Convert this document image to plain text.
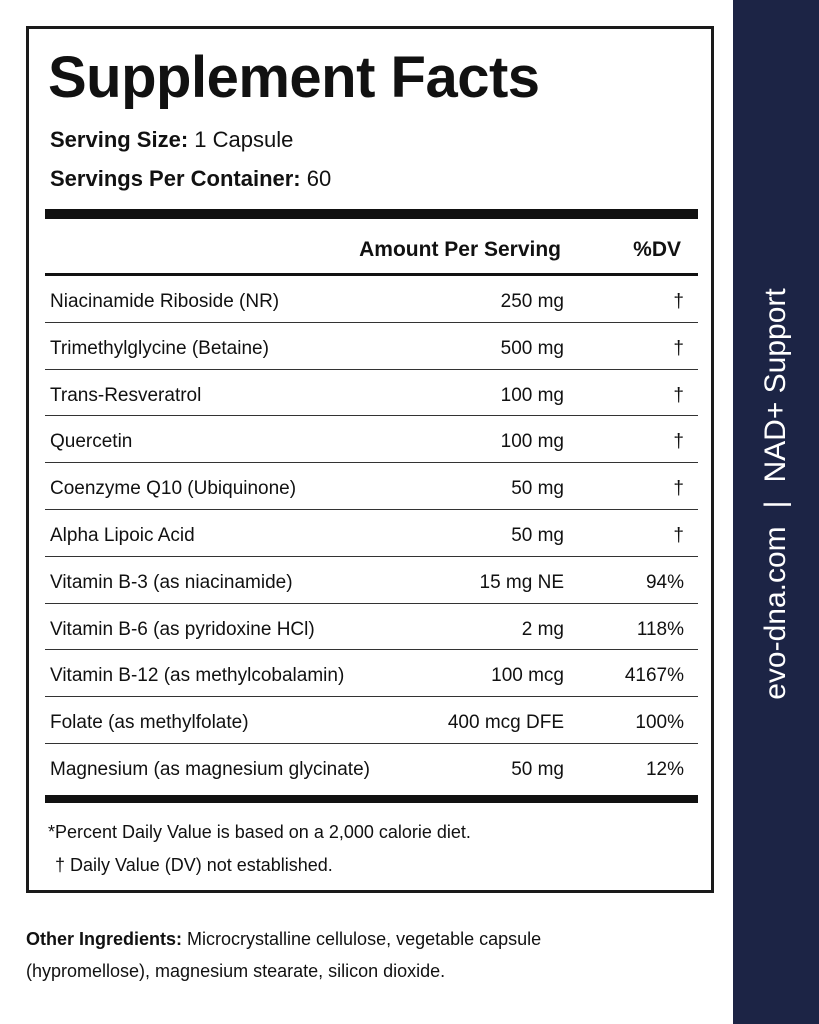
Supplement Facts
Serving Size: 1 Capsule
Servings Per Container: 60
Amount Per Serving	%DV
Niacinamide Riboside (NR)	250 mg	†
Trimethylglycine (Betaine)	500 mg	†
Trans-Resveratrol	100 mg	†
Quercetin	100 mg	†
Coenzyme Q10 (Ubiquinone)	50 mg	†
Alpha Lipoic Acid	50 mg	†
Vitamin B-3 (as niacinamide)	15 mg NE	94%
Vitamin B-6 (as pyridoxine HCl)	2 mg	118%
Vitamin B-12 (as methylcobalamin)	100 mcg	4167%
Folate (as methylfolate)	400 mcg DFE	100%
Magnesium (as magnesium glycinate)	50 mg	12%
*Percent Daily Value is based on a 2,000 calorie diet.
† Daily Value (DV) not established.
Other Ingredients: Microcrystalline cellulose, vegetable capsule (hypromellose), magnesium stearate, silicon dioxide.
evo-dna.com|NAD+ Support
